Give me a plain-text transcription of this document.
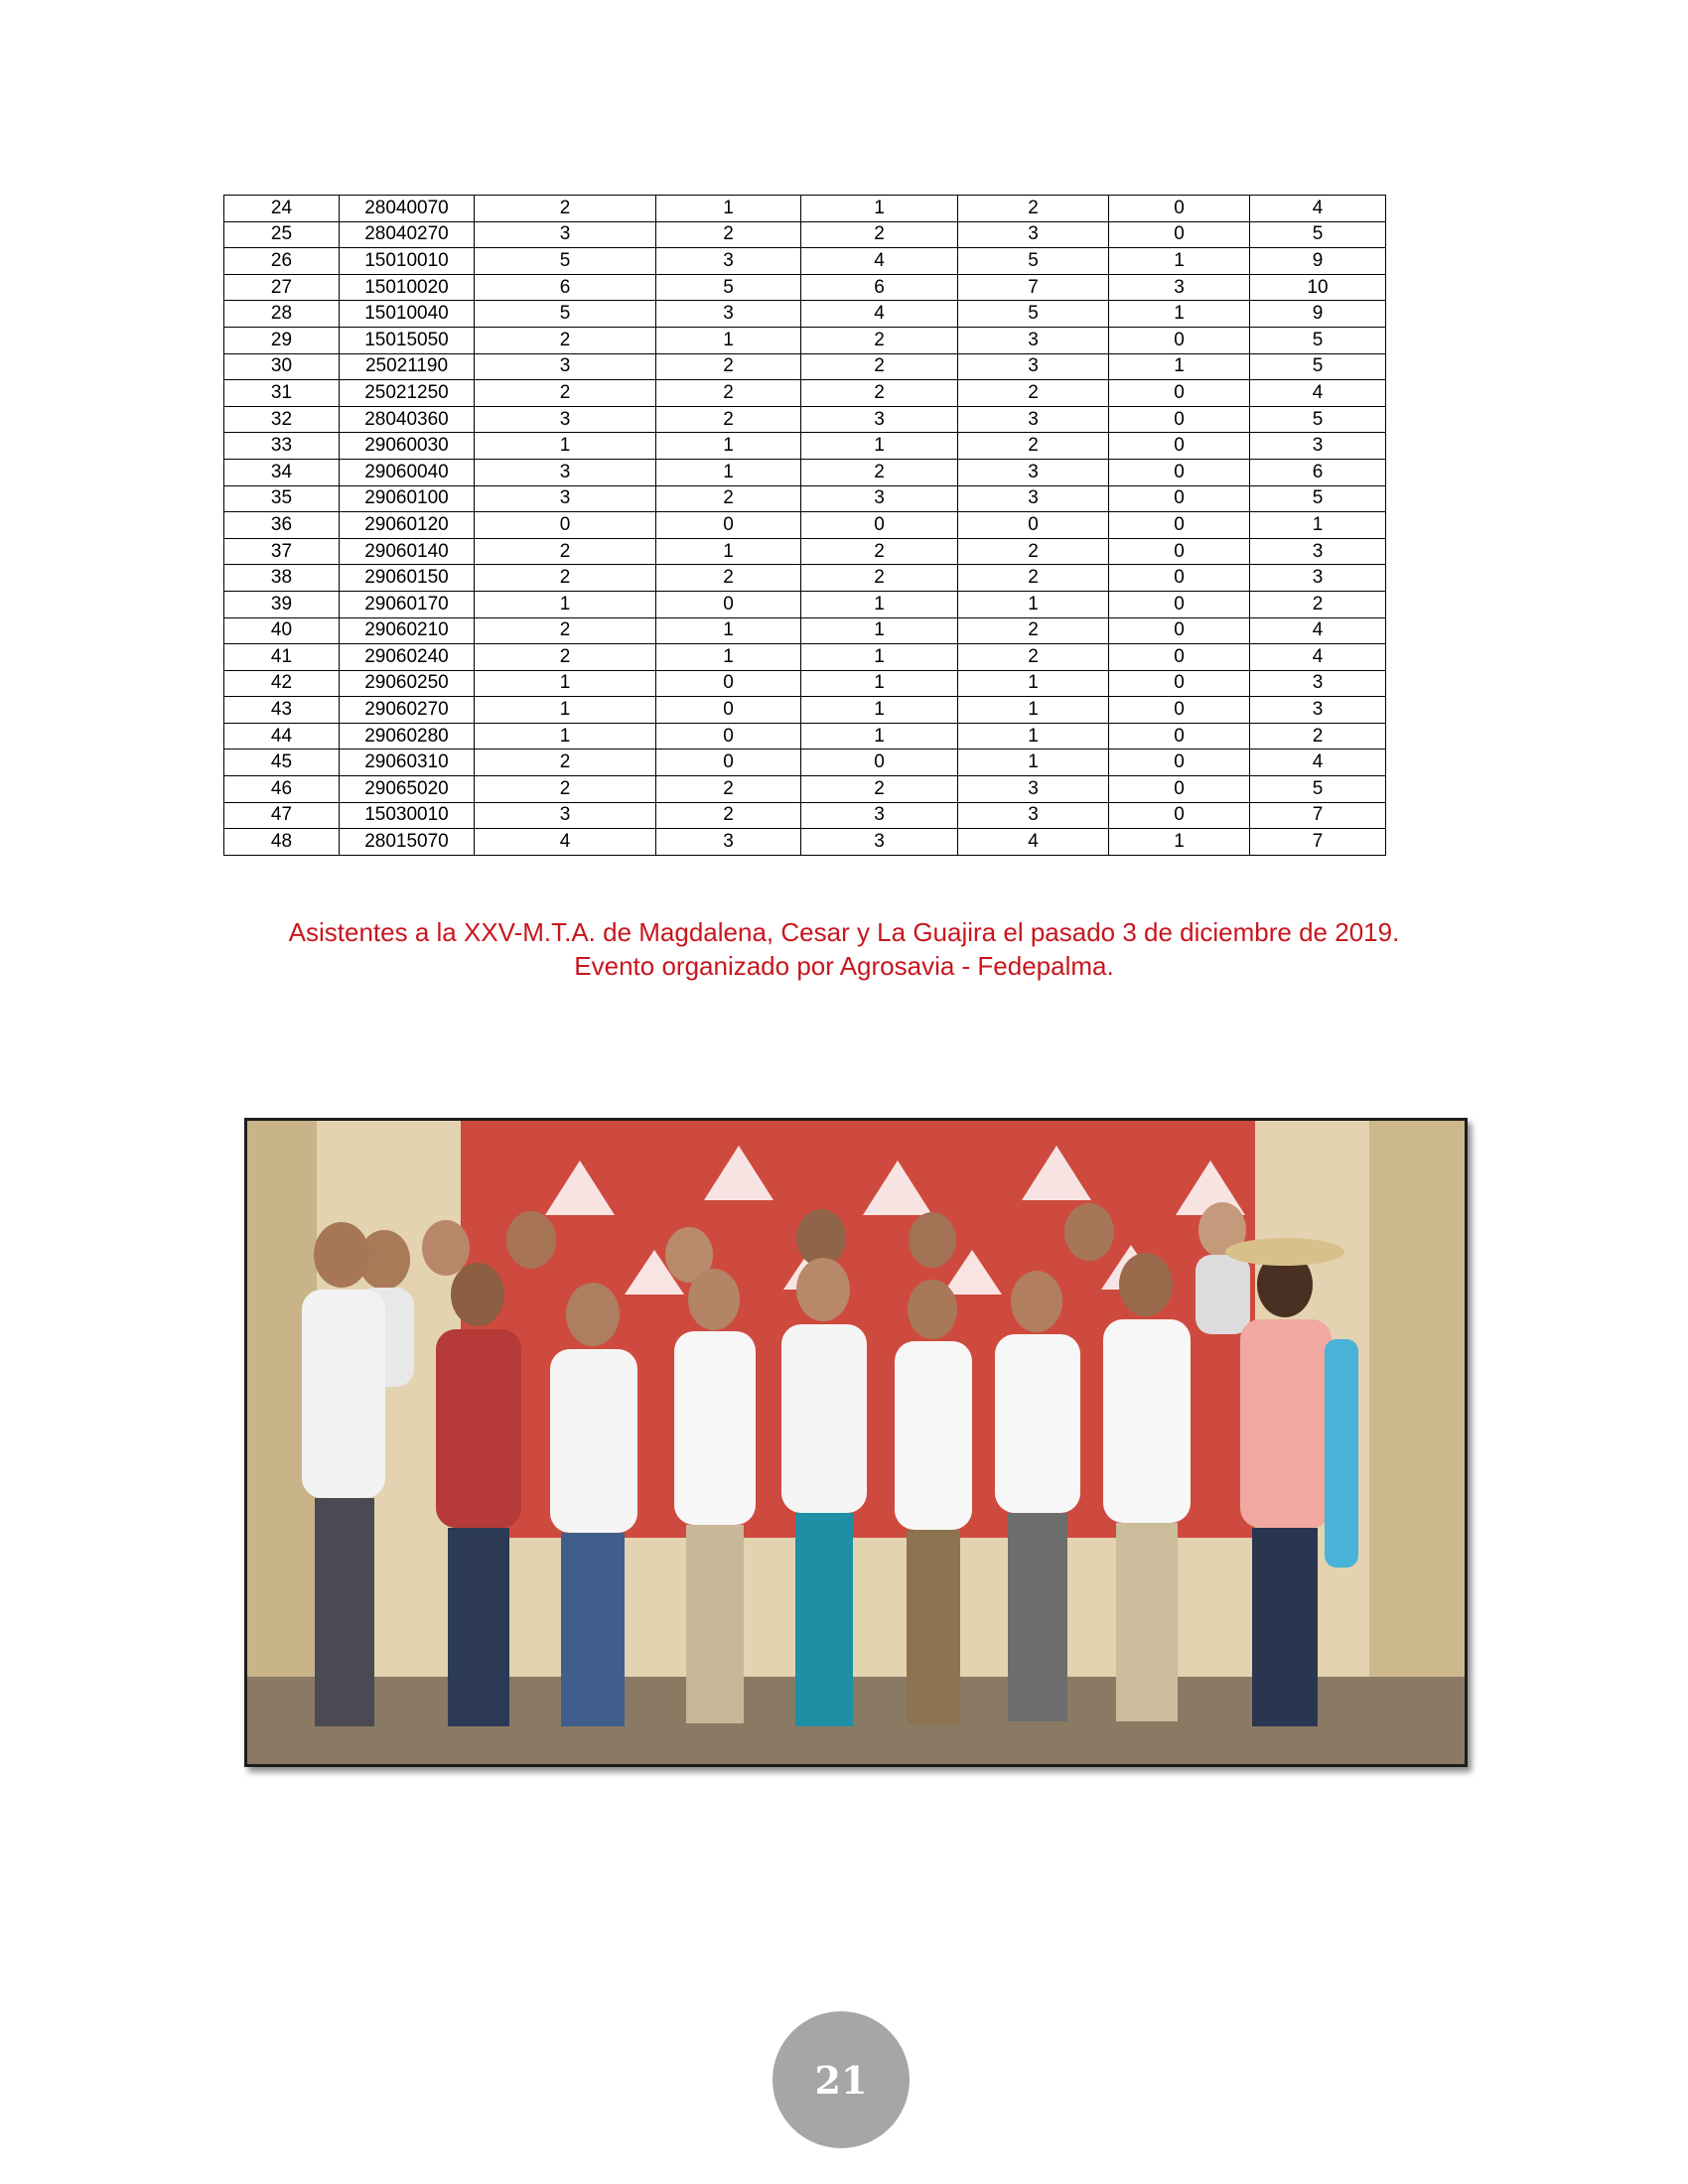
24	28040070	2	1	1	2	0	4
25	28040270	3	2	2	3	0	5
26	15010010	5	3	4	5	1	9
27	15010020	6	5	6	7	3	10
28	15010040	5	3	4	5	1	9
29	15015050	2	1	2	3	0	5
30	25021190	3	2	2	3	1	5
31	25021250	2	2	2	2	0	4
32	28040360	3	2	3	3	0	5
33	29060030	1	1	1	2	0	3
34	29060040	3	1	2	3	0	6
35	29060100	3	2	3	3	0	5
36	29060120	0	0	0	0	0	1
37	29060140	2	1	2	2	0	3
38	29060150	2	2	2	2	0	3
39	29060170	1	0	1	1	0	2
40	29060210	2	1	1	2	0	4
41	29060240	2	1	1	2	0	4
42	29060250	1	0	1	1	0	3
43	29060270	1	0	1	1	0	3
44	29060280	1	0	1	1	0	2
45	29060310	2	0	0	1	0	4
46	29065020	2	2	2	3	0	5
47	15030010	3	2	3	3	0	7
48	28015070	4	3	3	4	1	7

Asistentes a la XXV-M.T.A. de Magdalena, Cesar y La Guajira el pasado 3 de diciembre de 2019.

Evento organizado por Agrosavia - Fedepalma.

21
